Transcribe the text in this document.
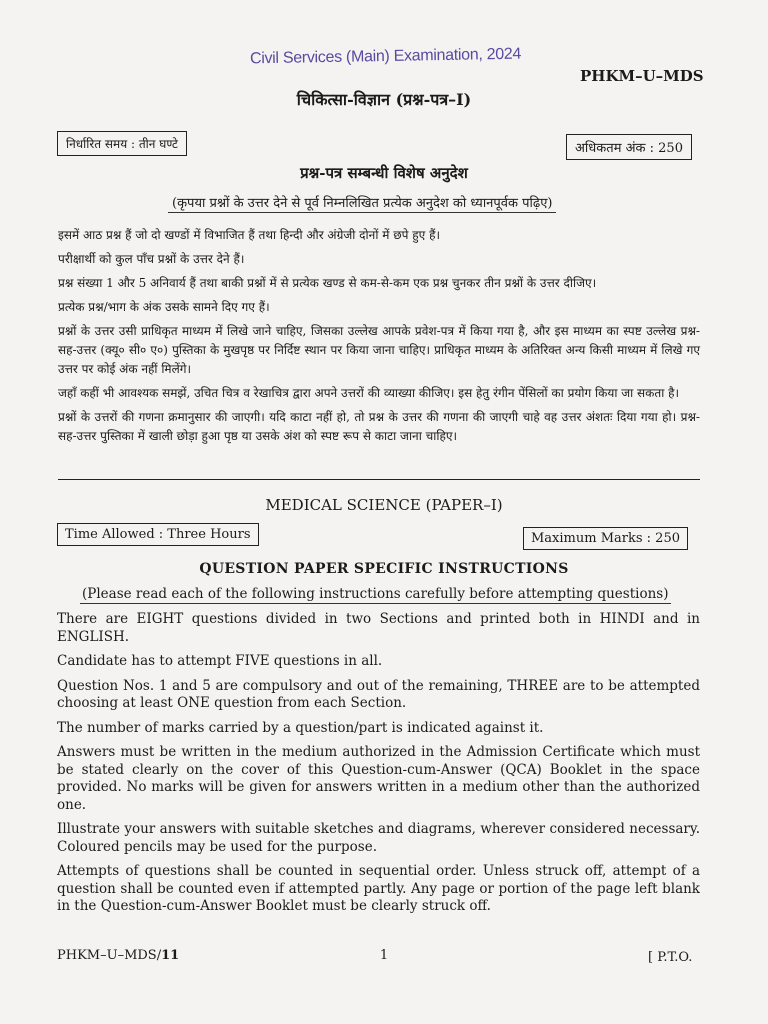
Civil Services (Main) Examination, 2024
PHKM–U–MDS
चिकित्सा-विज्ञान (प्रश्न-पत्र–I)
निर्धारित समय : तीन घण्टे	अधिकतम अंक : 250
प्रश्न-पत्र सम्बन्धी विशेष अनुदेश
(कृपया प्रश्नों के उत्तर देने से पूर्व निम्नलिखित प्रत्येक अनुदेश को ध्यानपूर्वक पढ़िए)

इसमें आठ प्रश्न हैं जो दो खण्डों में विभाजित हैं तथा हिन्दी और अंग्रेजी दोनों में छपे हुए हैं।

परीक्षार्थी को कुल पाँच प्रश्नों के उत्तर देने हैं।

प्रश्न संख्या 1 और 5 अनिवार्य हैं तथा बाकी प्रश्नों में से प्रत्येक खण्ड से कम-से-कम एक प्रश्न चुनकर तीन प्रश्नों के उत्तर दीजिए।

प्रत्येक प्रश्न/भाग के अंक उसके सामने दिए गए हैं।

प्रश्नों के उत्तर उसी प्राधिकृत माध्यम में लिखे जाने चाहिए, जिसका उल्लेख आपके प्रवेश-पत्र में किया गया है, और इस माध्यम का स्पष्ट उल्लेख प्रश्न-सह-उत्तर (क्यू० सी० ए०) पुस्तिका के मुखपृष्ठ पर निर्दिष्ट स्थान पर किया जाना चाहिए। प्राधिकृत माध्यम के अतिरिक्त अन्य किसी माध्यम में लिखे गए उत्तर पर कोई अंक नहीं मिलेंगे।

जहाँ कहीं भी आवश्यक समझें, उचित चित्र व रेखाचित्र द्वारा अपने उत्तरों की व्याख्या कीजिए। इस हेतु रंगीन पेंसिलों का प्रयोग किया जा सकता है।

प्रश्नों के उत्तरों की गणना क्रमानुसार की जाएगी। यदि काटा नहीं हो, तो प्रश्न के उत्तर की गणना की जाएगी चाहे वह उत्तर अंशतः दिया गया हो। प्रश्न-सह-उत्तर पुस्तिका में खाली छोड़ा हुआ पृष्ठ या उसके अंश को स्पष्ट रूप से काटा जाना चाहिए।

MEDICAL SCIENCE (PAPER–I)
Time Allowed : Three Hours	Maximum Marks : 250
QUESTION PAPER SPECIFIC INSTRUCTIONS
(Please read each of the following instructions carefully before attempting questions)

There are EIGHT questions divided in two Sections and printed both in HINDI and in ENGLISH.

Candidate has to attempt FIVE questions in all.

Question Nos. 1 and 5 are compulsory and out of the remaining, THREE are to be attempted choosing at least ONE question from each Section.

The number of marks carried by a question/part is indicated against it.

Answers must be written in the medium authorized in the Admission Certificate which must be stated clearly on the cover of this Question-cum-Answer (QCA) Booklet in the space provided. No marks will be given for answers written in a medium other than the authorized one.

Illustrate your answers with suitable sketches and diagrams, wherever considered necessary. Coloured pencils may be used for the purpose.

Attempts of questions shall be counted in sequential order. Unless struck off, attempt of a question shall be counted even if attempted partly. Any page or portion of the page left blank in the Question-cum-Answer Booklet must be clearly struck off.

PHKM–U–MDS/11	1	[ P.T.O.
